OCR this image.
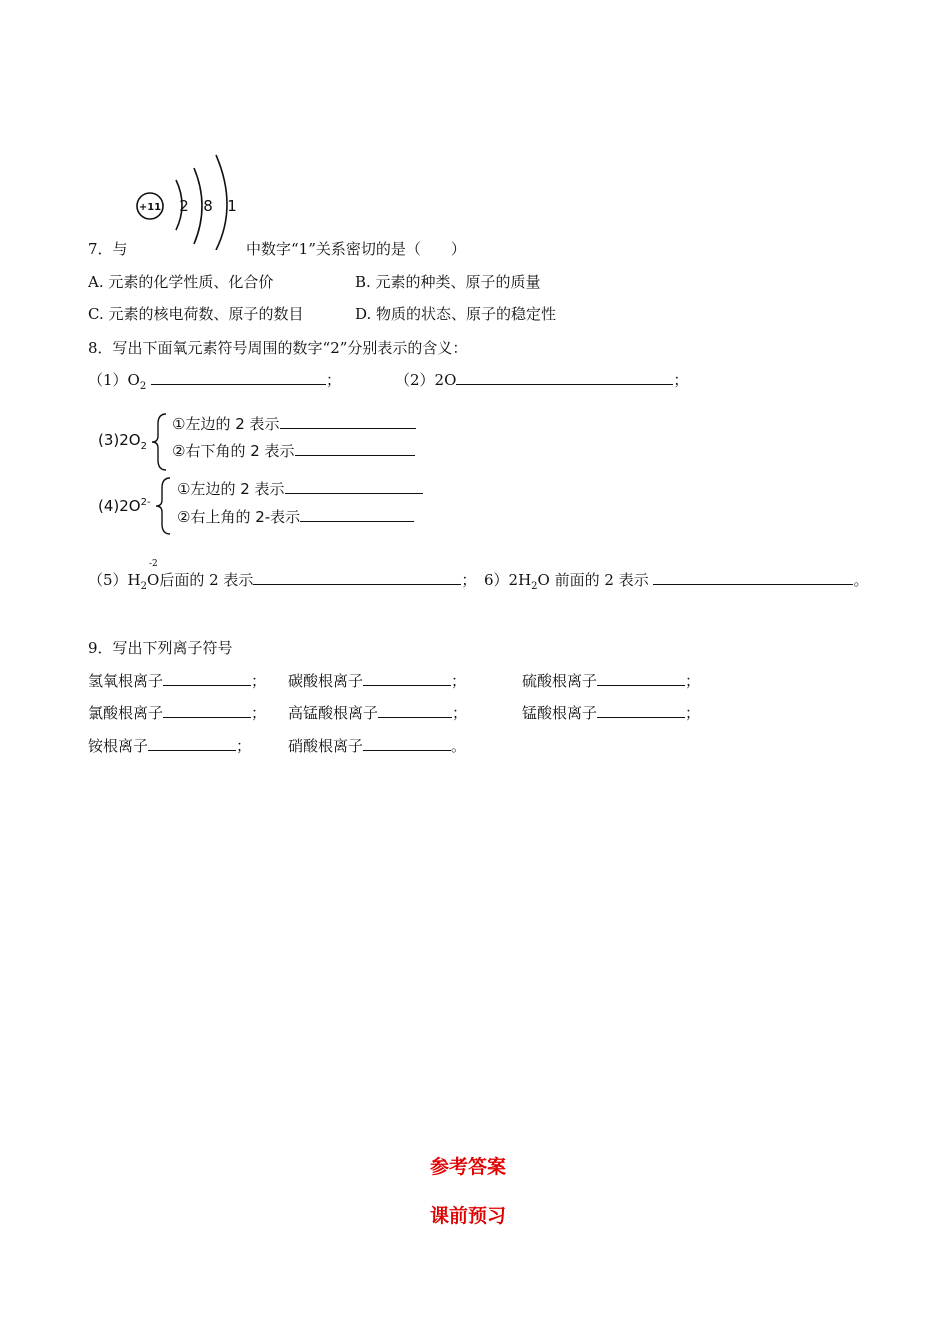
+11 2 8 1
7．与	中数字“1”关系密切的是（　　）
A. 元素的化学性质、化合价	B. 元素的种类、原子的质量
C. 元素的核电荷数、原子的数目	D. 物质的状态、原子的稳定性
8．写出下面氧元素符号周围的数字“2”分别表示的含义：
$(1)O_2$	；	（2）2O	；
$(3)2O_2$
①左边的 2 表示
②右下角的 2 表示
$(4)2O^{2-}$
①左边的 2 表示
②右上角的 2-表示
$(5)H_2$
-2
O后面的 2 表示	； $6)2H_2O$ 前面的 2 表示	。
9．写出下列离子符号
氢氧根离子	； 碳酸根离子	；	硫酸根离子	；
氯酸根离子	； 高锰酸根离子	；	锰酸根离子	；
铵根离子	； 硝酸根离子	。
参考答案
课前预习
